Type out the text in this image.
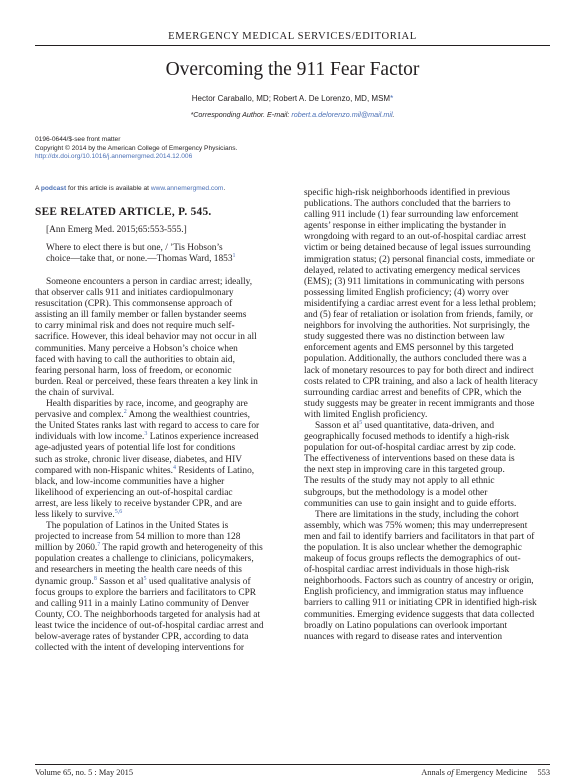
EMERGENCY MEDICAL SERVICES/EDITORIAL
Overcoming the 911 Fear Factor
Hector Caraballo, MD; Robert A. De Lorenzo, MD, MSM*
*Corresponding Author. E-mail: robert.a.delorenzo.mil@mail.mil.
0196-0644/$-see front matter
Copyright © 2014 by the American College of Emergency Physicians.
http://dx.doi.org/10.1016/j.annemergmed.2014.12.006
A podcast for this article is available at www.annemergmed.com.
SEE RELATED ARTICLE, P. 545.
[Ann Emerg Med. 2015;65:553-555.]
Where to elect there is but one, / ’Tis Hobson’s
choice—take that, or none.—Thomas Ward, 1853$^1$
Someone encounters a person in cardiac arrest; ideally,
that observer calls 911 and initiates cardiopulmonary
resuscitation (CPR). This commonsense approach of
assisting an ill family member or fallen bystander seems
to carry minimal risk and does not require much self-
sacrifice. However, this ideal behavior may not occur in all
communities. Many perceive a Hobson’s choice when
faced with having to call the authorities to obtain aid,
fearing personal harm, loss of freedom, or economic
burden. Real or perceived, these fears threaten a key link in
the chain of survival.
Health disparities by race, income, and geography are
pervasive and complex.$^2$ Among the wealthiest countries,
the United States ranks last with regard to access to care for
individuals with low income.$^3$ Latinos experience increased
age-adjusted years of potential life lost for conditions
such as stroke, chronic liver disease, diabetes, and HIV
compared with non-Hispanic whites.$^4$ Residents of Latino,
black, and low-income communities have a higher
likelihood of experiencing an out-of-hospital cardiac
arrest, are less likely to receive bystander CPR, and are
less likely to survive.$^{5,6}$
The population of Latinos in the United States is
projected to increase from 54 million to more than 128
million by 2060.$^7$ The rapid growth and heterogeneity of this
population creates a challenge to clinicians, policymakers,
and researchers in meeting the health care needs of this
dynamic group.$^8$ Sasson et $al^5$ used qualitative analysis of
focus groups to explore the barriers and facilitators to CPR
and calling 911 in a mainly Latino community of Denver
County, CO. The neighborhoods targeted for analysis had at
least twice the incidence of out-of-hospital cardiac arrest and
below-average rates of bystander CPR, according to data
collected with the intent of developing interventions for
specific high-risk neighborhoods identified in previous
publications. The authors concluded that the barriers to
calling 911 include (1) fear surrounding law enforcement
agents’ response in either implicating the bystander in
wrongdoing with regard to an out-of-hospital cardiac arrest
victim or being detained because of legal issues surrounding
immigration status; (2) personal financial costs, immediate or
delayed, related to activating emergency medical services
(EMS); (3) 911 limitations in communicating with persons
possessing limited English proficiency; (4) worry over
misidentifying a cardiac arrest event for a less lethal problem;
and (5) fear of retaliation or isolation from friends, family, or
neighbors for involving the authorities. Not surprisingly, the
study suggested there was no distinction between law
enforcement agents and EMS personnel by this targeted
population. Additionally, the authors concluded there was a
lack of monetary resources to pay for both direct and indirect
costs related to CPR training, and also a lack of health literacy
surrounding cardiac arrest and benefits of CPR, which the
study suggests may be greater in recent immigrants and those
with limited English proficiency.
Sasson et $al^5$ used quantitative, data-driven, and
geographically focused methods to identify a high-risk
population for out-of-hospital cardiac arrest by zip code.
The effectiveness of interventions based on these data is
the next step in improving care in this targeted group.
The results of the study may not apply to all ethnic
subgroups, but the methodology is a model other
communities can use to gain insight and to guide efforts.
There are limitations in the study, including the cohort
assembly, which was 75% women; this may underrepresent
men and fail to identify barriers and facilitators in that part of
the population. It is also unclear whether the demographic
makeup of focus groups reflects the demographics of out-
of-hospital cardiac arrest individuals in those high-risk
neighborhoods. Factors such as country of ancestry or origin,
English proficiency, and immigration status may influence
barriers to calling 911 or initiating CPR in identified high-risk
communities. Emerging evidence suggests that data collected
broadly on Latino populations can overlook important
nuances with regard to disease rates and intervention
Volume 65, no. 5 : May 2015	Annals of Emergency Medicine 553
